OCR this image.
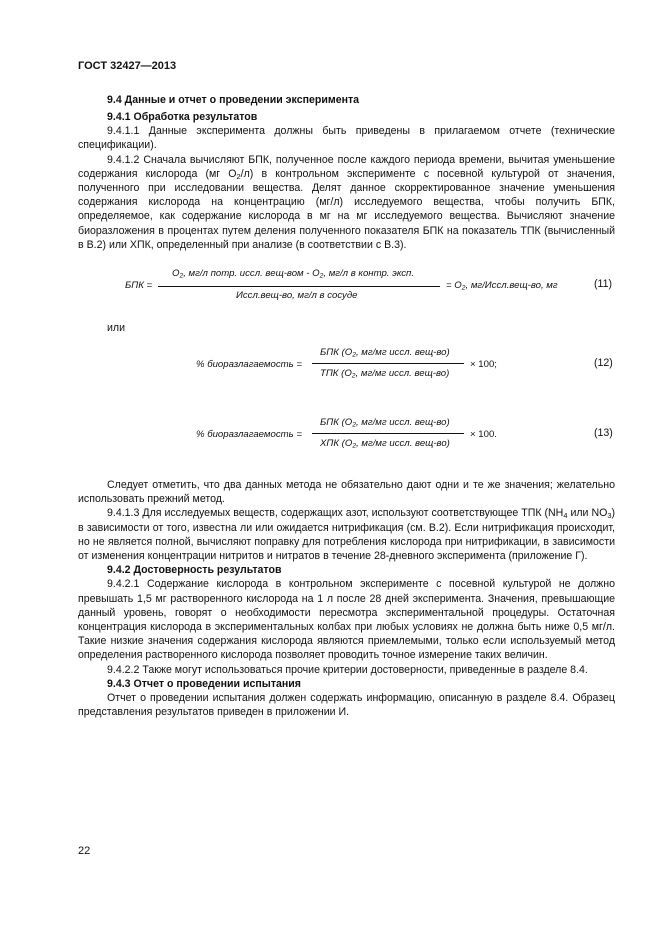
ГОСТ 32427—2013
9.4 Данные и отчет о проведении эксперимента

9.4.1 Обработка результатов

9.4.1.1 Данные эксперимента должны быть приведены в прилагаемом отчете (технические спецификации).

9.4.1.2 Сначала вычисляют БПК, полученное после каждого периода времени, вычитая уменьшение содержания кислорода (мг $O_2/л$) в контрольном эксперименте с посевной культурой от значения, полученного при исследовании вещества. Делят данное скорректированное значение уменьшения содержания кислорода на концентрацию (мг/л) исследуемого вещества, чтобы получить БПК, определяемое, как содержание кислорода в мг на мг исследуемого вещества. Вычисляют значение биоразложения в процентах путем деления полученного показателя БПК на показатель ТПК (вычисленный в В.2) или ХПК, определенный при анализе (в соответствии с В.3).

БПК =
$O_2$, мг/л потр. иссл. $вещ-вом - O_2$, мг/л в контр. эксп.
Иссл.вещ-во, мг/л в сосуде
= $O_2$, мг/Иссл.вещ-во, мг	(11)
или
% биоразлагаемость =
БПК ($O_2$, мг/мг иссл. вещ-во)
ТПК ($O_2$, мг/мг иссл. вещ-во)
× 100;	(12)
% биоразлагаемость =
БПК ($O_2$, мг/мг иссл. вещ-во)
ХПК ($O_2$, мг/мг иссл. вещ-во)
× 100.	(13)

Следует отметить, что два данных метода не обязательно дают одни и те же значения; желательно использовать прежний метод.

9.4.1.3 Для исследуемых веществ, содержащих азот, используют соответствующее ТПК ($NH_4$ или $NO_3$) в зависимости от того, известна ли или ожидается нитрификация (см. В.2). Если нитрификация происходит, но не является полной, вычисляют поправку для потребления кислорода при нитрификации, в зависимости от изменения концентрации нитритов и нитратов в течение 28-дневного эксперимента (приложение Г).

9.4.2 Достоверность результатов

9.4.2.1 Содержание кислорода в контрольном эксперименте с посевной культурой не должно превышать 1,5 мг растворенного кислорода на 1 л после 28 дней эксперимента. Значения, превышающие данный уровень, говорят о необходимости пересмотра экспериментальной процедуры. Остаточная концентрация кислорода в экспериментальных колбах при любых условиях не должна быть ниже 0,5 мг/л. Такие низкие значения содержания кислорода являются приемлемыми, только если используемый метод определения растворенного кислорода позволяет проводить точное измерение таких величин.

9.4.2.2 Также могут использоваться прочие критерии достоверности, приведенные в разделе 8.4.

9.4.3 Отчет о проведении испытания

Отчет о проведении испытания должен содержать информацию, описанную в разделе 8.4. Образец представления результатов приведен в приложении И.

22
